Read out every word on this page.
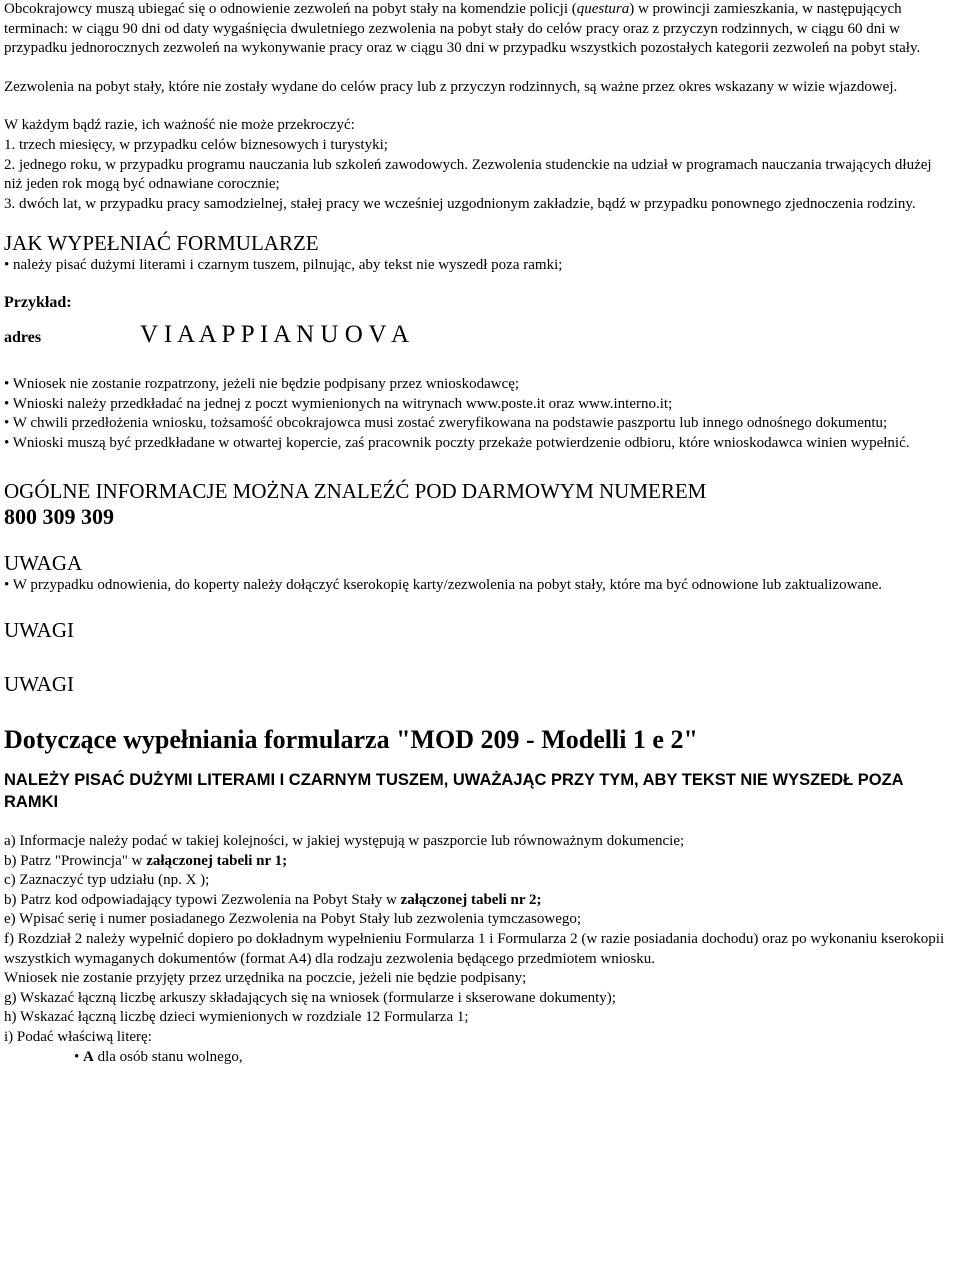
Obcokrajowcy muszą ubiegać się o odnowienie zezwoleń na pobyt stały na komendzie policji (questura) w prowincji zamieszkania, w następujących terminach: w ciągu 90 dni od daty wygaśnięcia dwuletniego zezwolenia na pobyt stały do celów pracy oraz z przyczyn rodzinnych, w ciągu 60 dni w przypadku jednorocznych zezwoleń na wykonywanie pracy oraz w ciągu 30 dni w przypadku wszystkich pozostałych kategorii zezwoleń na pobyt stały.

Zezwolenia na pobyt stały, które nie zostały wydane do celów pracy lub z przyczyn rodzinnych, są ważne przez okres wskazany w wizie wjazdowej.

W każdym bądź razie, ich ważność nie może przekroczyć:

1. trzech miesięcy, w przypadku celów biznesowych i turystyki;

2. jednego roku, w przypadku programu nauczania lub szkoleń zawodowych. Zezwolenia studenckie na udział w programach nauczania trwających dłużej niż jeden rok mogą być odnawiane corocznie;

3. dwóch lat, w przypadku pracy samodzielnej, stałej pracy we wcześniej uzgodnionym zakładzie, bądź w przypadku ponownego zjednoczenia rodziny.

JAK WYPEŁNIAĆ FORMULARZE

• należy pisać dużymi literami i czarnym tuszem, pilnując, aby tekst nie wyszedł poza ramki;

Przykład:

adres	V I A A P P I A N U O V A

• Wniosek nie zostanie rozpatrzony, jeżeli nie będzie podpisany przez wnioskodawcę;

• Wnioski należy przedkładać na jednej z poczt wymienionych na witrynach www.poste.it oraz www.interno.it;

• W chwili przedłożenia wniosku, tożsamość obcokrajowca musi zostać zweryfikowana na podstawie paszportu lub innego odnośnego dokumentu;

• Wnioski muszą być przedkładane w otwartej kopercie, zaś pracownik poczty przekaże potwierdzenie odbioru, które wnioskodawca winien wypełnić.

OGÓLNE INFORMACJE MOŻNA ZNALEŹĆ POD DARMOWYM NUMEREM

800 309 309

UWAGA

• W przypadku odnowienia, do koperty należy dołączyć kserokopię karty/zezwolenia na pobyt stały, które ma być odnowione lub zaktualizowane.

UWAGI

UWAGI

Dotyczące wypełniania formularza "MOD 209 - Modelli 1 e 2"

NALEŻY PISAĆ DUŻYMI LITERAMI I CZARNYM TUSZEM, UWAŻAJĄC PRZY TYM, ABY TEKST NIE WYSZEDŁ POZA RAMKI

a) Informacje należy podać w takiej kolejności, w jakiej występują w paszporcie lub równoważnym dokumencie;

b) Patrz "Prowincja" w załączonej tabeli nr 1;

c) Zaznaczyć typ udziału (np. X );

b) Patrz kod odpowiadający typowi Zezwolenia na Pobyt Stały w załączonej tabeli nr 2;

e) Wpisać serię i numer posiadanego Zezwolenia na Pobyt Stały lub zezwolenia tymczasowego;

f) Rozdział 2 należy wypełnić dopiero po dokładnym wypełnieniu Formularza 1 i Formularza 2 (w razie posiadania dochodu) oraz po wykonaniu kserokopii wszystkich wymaganych dokumentów (format A4) dla rodzaju zezwolenia będącego przedmiotem wniosku.

Wniosek nie zostanie przyjęty przez urzędnika na poczcie, jeżeli nie będzie podpisany;

g) Wskazać łączną liczbę arkuszy składających się na wniosek (formularze i skserowane dokumenty);

h) Wskazać łączną liczbę dzieci wymienionych w rozdziale 12 Formularza 1;

i) Podać właściwą literę:

• A dla osób stanu wolnego,
